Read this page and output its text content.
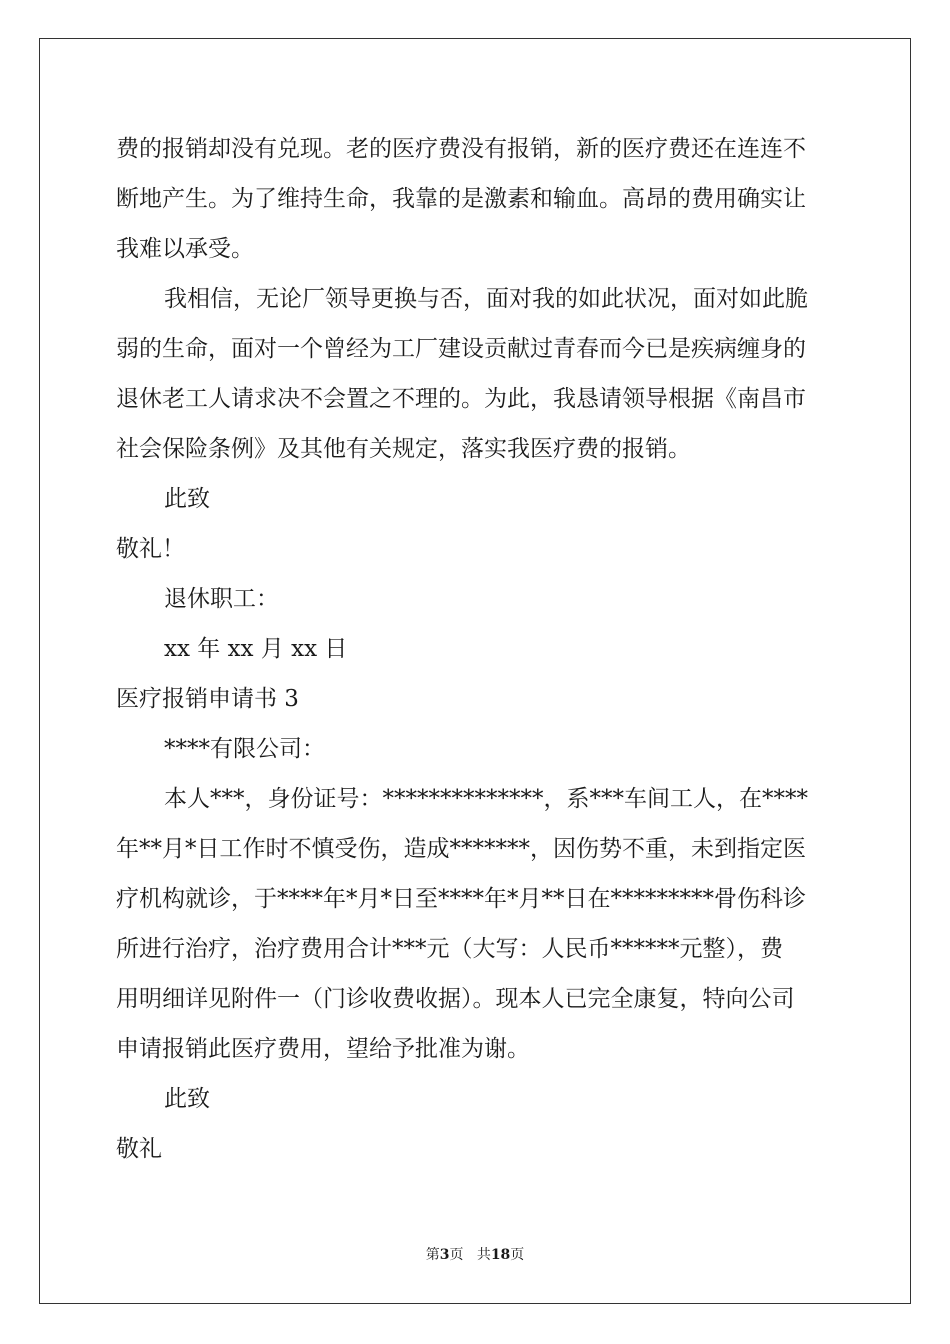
费的报销却没有兑现。老的医疗费没有报销，新的医疗费还在连连不
断地产生。为了维持生命，我靠的是激素和输血。高昂的费用确实让
我难以承受。
我相信，无论厂领导更换与否，面对我的如此状况，面对如此脆
弱的生命，面对一个曾经为工厂建设贡献过青春而今已是疾病缠身的
退休老工人请求决不会置之不理的。为此，我恳请领导根据《南昌市
社会保险条例》及其他有关规定，落实我医疗费的报销。
此致
敬礼！
退休职工：
xx 年 xx 月 xx 日
医疗报销申请书 3
****有限公司：
本人***，身份证号：**************，系***车间工人，在****
年**月*日工作时不慎受伤，造成*******，因伤势不重，未到指定医
疗机构就诊，于****年*月*日至****年*月**日在*********骨伤科诊
所进行治疗，治疗费用合计***元（大写：人民币******元整），费
用明细详见附件一（门诊收费收据）。现本人已完全康复，特向公司
申请报销此医疗费用，望给予批准为谢。
此致
敬礼
第3页 共18页
